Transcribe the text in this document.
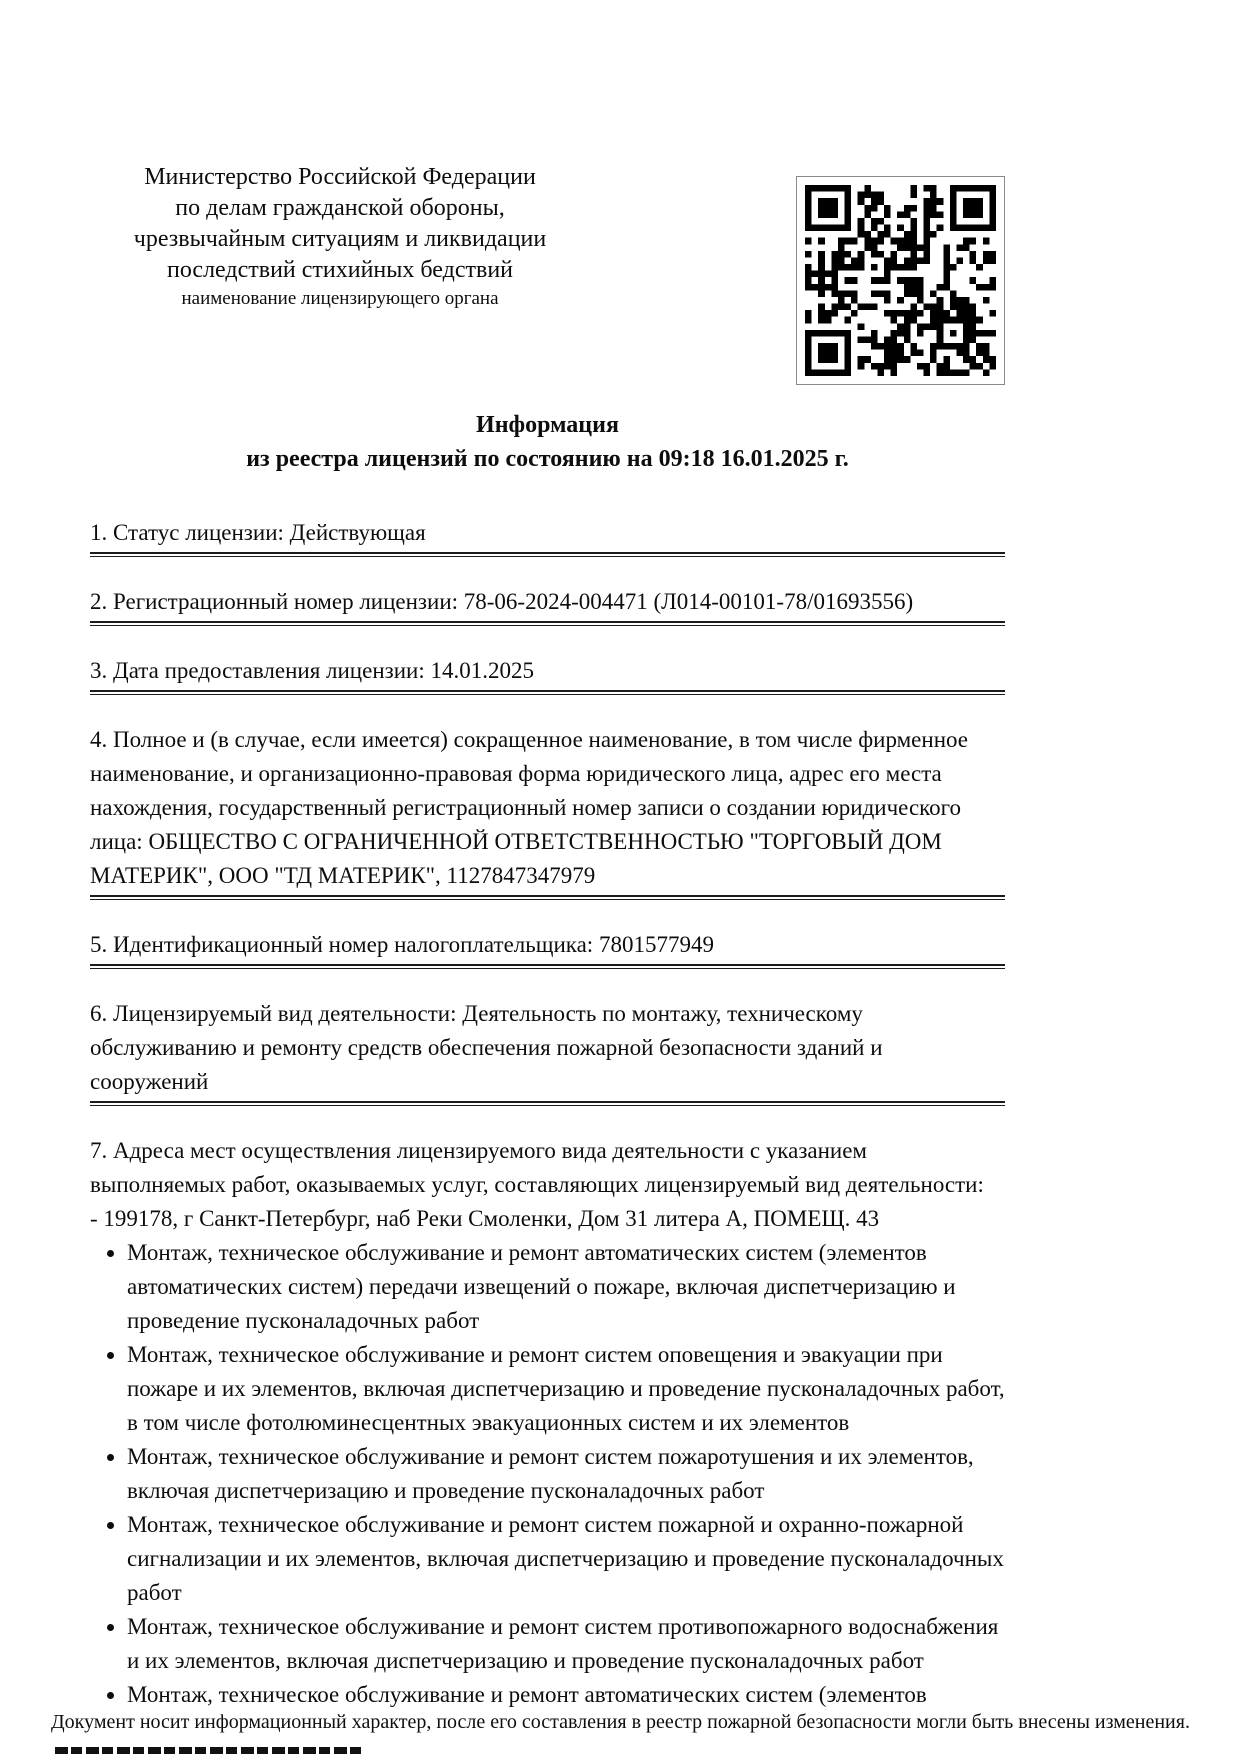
Министерство Российской Федерации
по делам гражданской обороны,
чрезвычайным ситуациям и ликвидации
последствий стихийных бедствий
наименование лицензирующего органа
Информация
из реестра лицензий по состоянию на 09:18 16.01.2025 г.
1. Статус лицензии: Действующая
2. Регистрационный номер лицензии: 78-06-2024-004471 (Л014-00101-78/01693556)
3. Дата предоставления лицензии: 14.01.2025
4. Полное и (в случае, если имеется) сокращенное наименование, в том числе фирменное наименование, и организационно-правовая форма юридического лица, адрес его места нахождения, государственный регистрационный номер записи о создании юридического лица: ОБЩЕСТВО С ОГРАНИЧЕННОЙ ОТВЕТСТВЕННОСТЬЮ "ТОРГОВЫЙ ДОМ МАТЕРИК", ООО "ТД МАТЕРИК", 1127847347979
5. Идентификационный номер налогоплательщика: 7801577949
6. Лицензируемый вид деятельности: Деятельность по монтажу, техническому обслуживанию и ремонту средств обеспечения пожарной безопасности зданий и сооружений

7. Адреса мест осуществления лицензируемого вида деятельности с указанием выполняемых работ, оказываемых услуг, составляющих лицензируемый вид деятельности:

- 199178, г Санкт-Петербург, наб Реки Смоленки, Дом 31 литера А, ПОМЕЩ. 43

• Монтаж, техническое обслуживание и ремонт автоматических систем (элементов автоматических систем) передачи извещений о пожаре, включая диспетчеризацию и проведение пусконаладочных работ
• Монтаж, техническое обслуживание и ремонт систем оповещения и эвакуации при пожаре и их элементов, включая диспетчеризацию и проведение пусконаладочных работ, в том числе фотолюминесцентных эвакуационных систем и их элементов
• Монтаж, техническое обслуживание и ремонт систем пожаротушения и их элементов, включая диспетчеризацию и проведение пусконаладочных работ
• Монтаж, техническое обслуживание и ремонт систем пожарной и охранно-пожарной сигнализации и их элементов, включая диспетчеризацию и проведение пусконаладочных работ
• Монтаж, техническое обслуживание и ремонт систем противопожарного водоснабжения и их элементов, включая диспетчеризацию и проведение пусконаладочных работ
• Монтаж, техническое обслуживание и ремонт автоматических систем (элементов
Документ носит информационный характер, после его составления в реестр пожарной безопасности могли быть внесены изменения.
